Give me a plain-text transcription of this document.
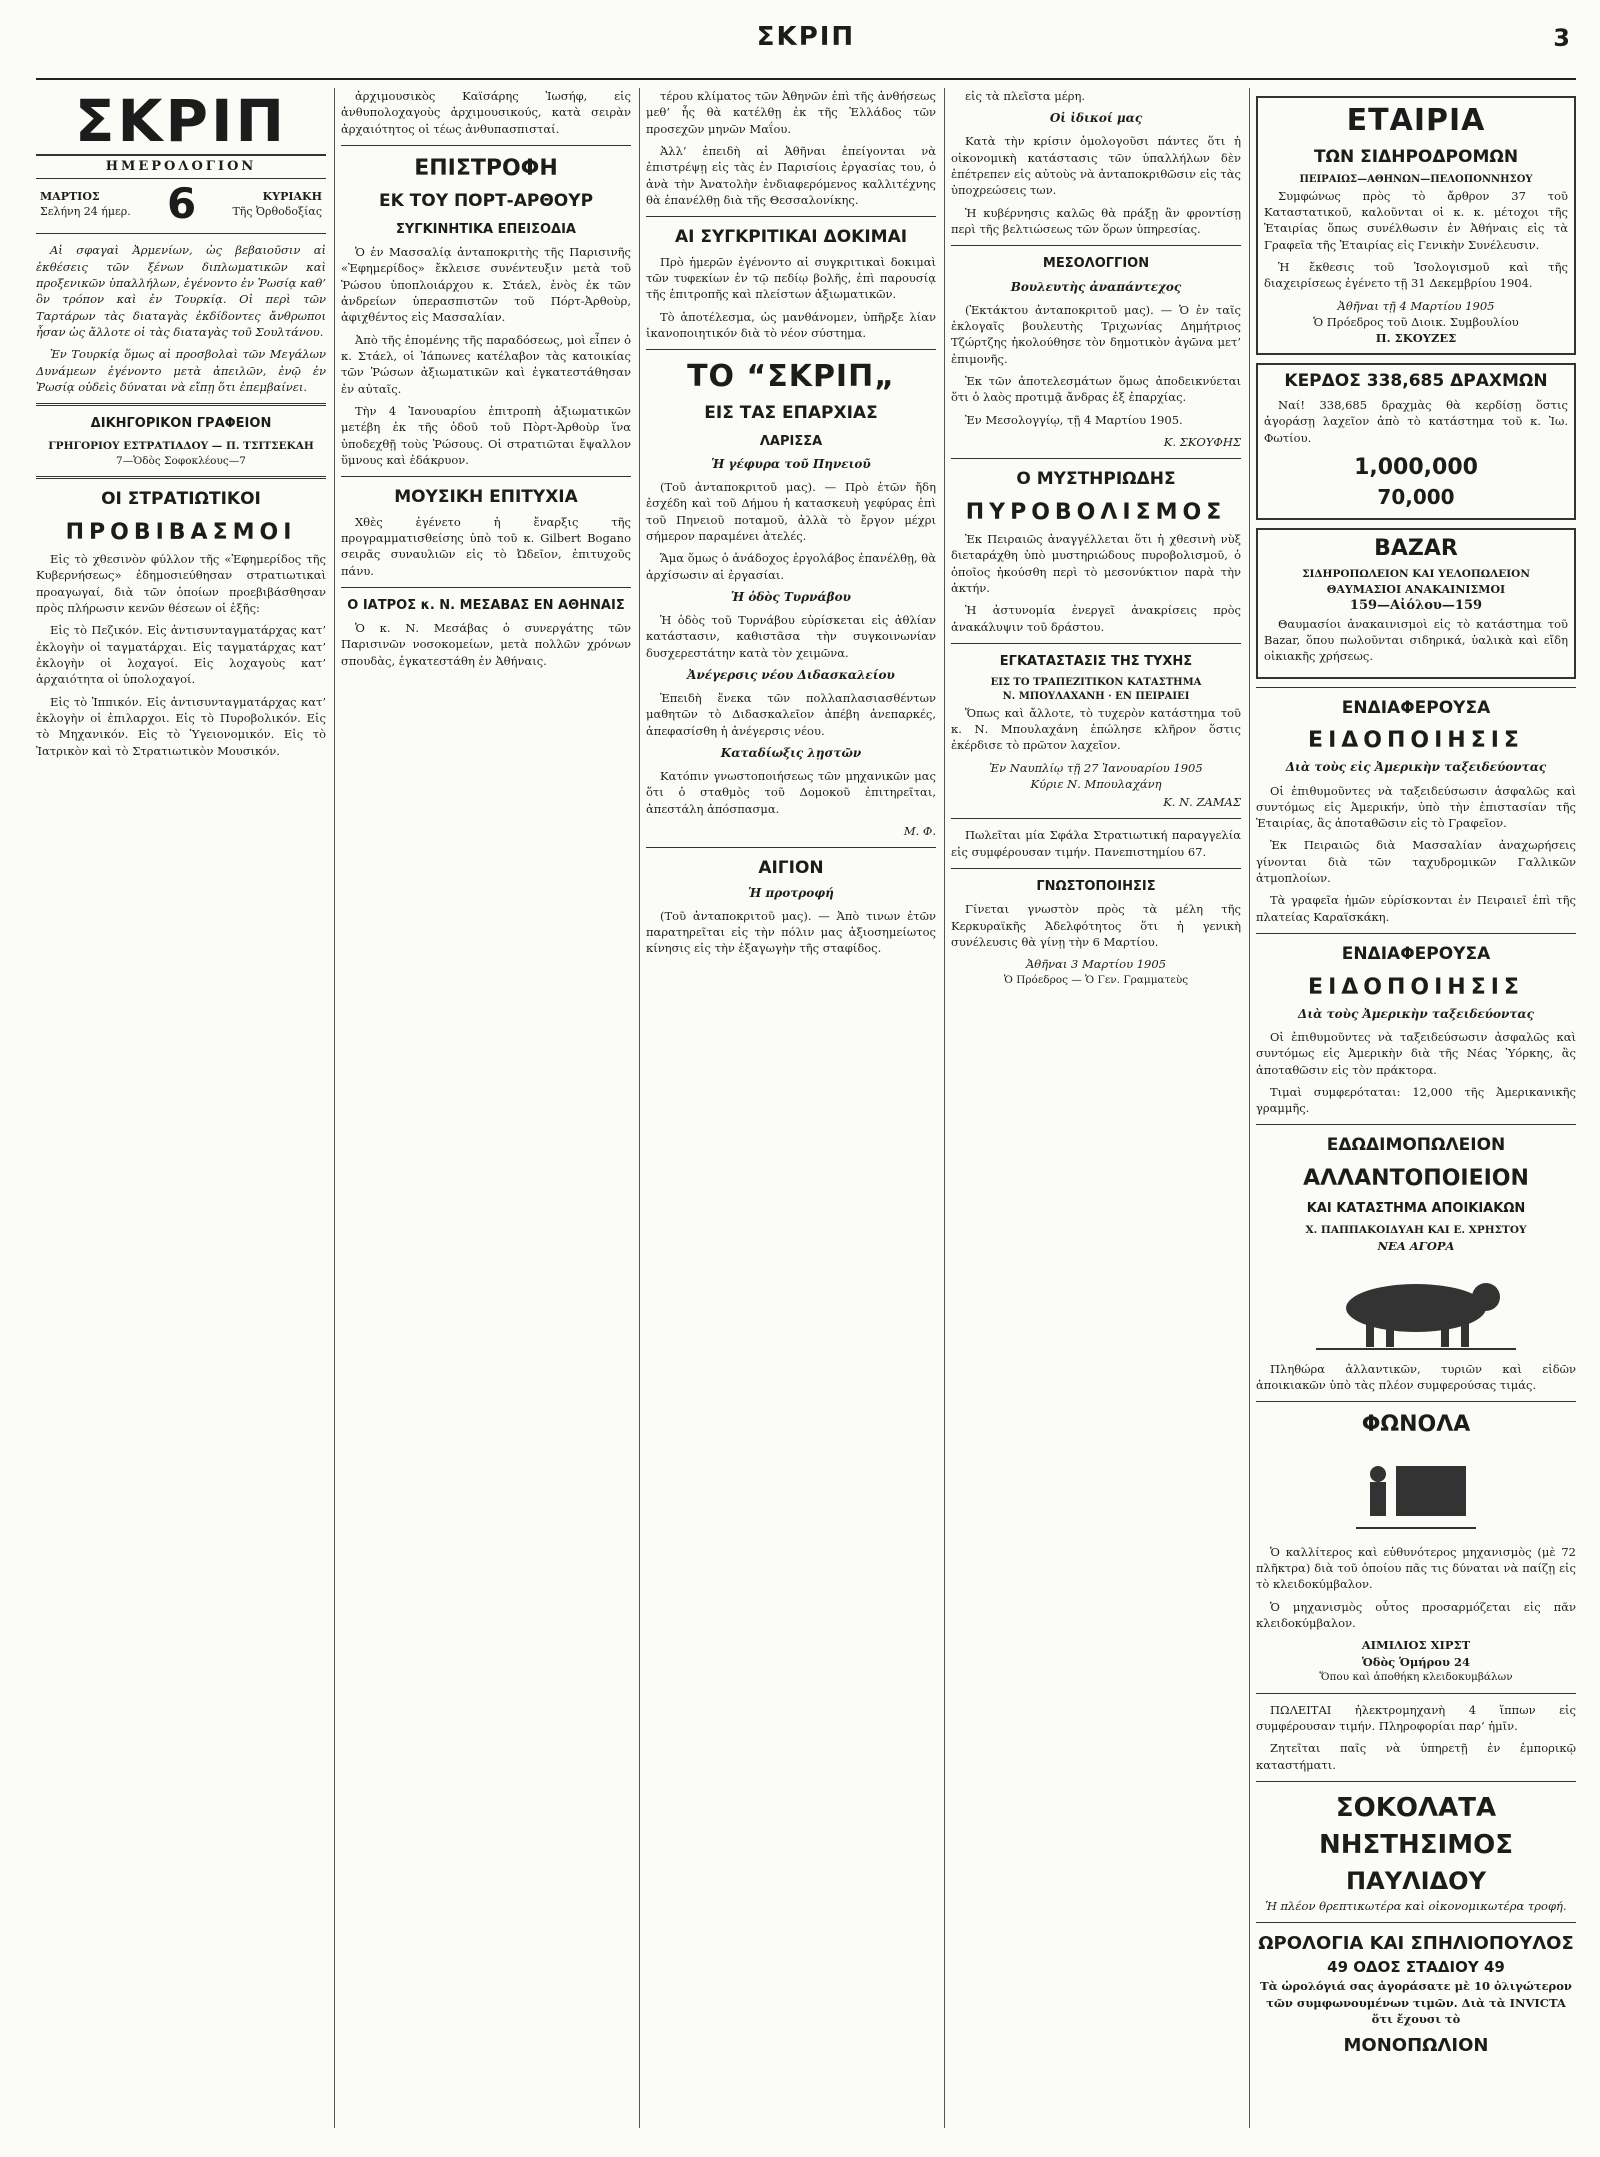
ΣΚΡΙΠ	3
ΣΚΡΙΠ
ΗΜΕΡΟΛΟΓΙΟΝ
ΜΑΡΤΙΟΣ
Σελήνη 24 ήμερ. 6	ΚΥΡΙΑΚΗ
Τῆς Ὀρθοδοξίας

Αἱ σφαγαὶ Ἀρμενίων, ὡς βεβαιοῦσιν αἱ ἐκθέσεις τῶν ξένων διπλωματικῶν καὶ προξενικῶν ὑπαλλήλων, ἐγένοντο ἐν Ῥωσίᾳ καθ’ ὃν τρόπον καὶ ἐν Τουρκίᾳ. Οἱ περὶ τῶν Ταρτάρων τὰς διαταγὰς ἐκδίδοντες ἄνθρωποι ἦσαν ὡς ἄλλοτε οἱ τὰς διαταγὰς τοῦ Σουλτάνου.

Ἐν Τουρκίᾳ ὅμως αἱ προσβολαὶ τῶν Μεγάλων Δυνάμεων ἐγένοντο μετὰ ἀπειλῶν, ἐνῷ ἐν Ῥωσίᾳ οὐδεὶς δύναται νὰ εἴπῃ ὅτι ἐπεμβαίνει.

ΔΙΚΗΓΟΡΙΚΟΝ ΓΡΑΦΕΙΟΝ
ΓΡΗΓΟΡΙΟΥ ΕΣΤΡΑΤΙΑΔΟΥ — Π. ΤΣΙΤΣΕΚΑΗ
7—Ὁδὸς Σοφοκλέους—7
ΟΙ ΣΤΡΑΤΙΩΤΙΚΟΙ
ΠΡΟΒΙΒΑΣΜΟΙ

Εἰς τὸ χθεσινὸν φύλλον τῆς «Ἐφημερίδος τῆς Κυβερνήσεως» ἐδημοσιεύθησαν στρατιωτικαὶ προαγωγαί, διὰ τῶν ὁποίων προεβιβάσθησαν πρὸς πλήρωσιν κενῶν θέσεων οἱ ἑξῆς:

Εἰς τὸ Πεζικόν. Εἰς ἀντισυνταγματάρχας κατ’ ἐκλογὴν οἱ ταγματάρχαι. Εἰς ταγματάρχας κατ’ ἐκλογὴν οἱ λοχαγοί. Εἰς λοχαγοὺς κατ’ ἀρχαιότητα οἱ ὑπολοχαγοί.

Εἰς τὸ Ἱππικόν. Εἰς ἀντισυνταγματάρχας κατ’ ἐκλογὴν οἱ ἐπιλαρχοι. Εἰς τὸ Πυροβολικόν. Εἰς τὸ Μηχανικόν. Εἰς τὸ Ὑγειονομικόν. Εἰς τὸ Ἰατρικὸν καὶ τὸ Στρατιωτικὸν Μουσικόν.

ἀρχιμουσικὸς Καϊσάρης Ἰωσήφ, εἰς ἀνθυπολοχαγοὺς ἀρχιμουσικούς, κατὰ σειρὰν ἀρχαιότητος οἱ τέως ἀνθυπασπισταί.

ΕΠΙΣΤΡΟΦΗ
ΕΚ ΤΟΥ ΠΟΡΤ-ΑΡΘΟΥΡ
ΣΥΓΚΙΝΗΤΙΚΑ ΕΠΕΙΣΟΔΙΑ

Ὁ ἐν Μασσαλίᾳ ἀνταποκριτὴς τῆς Παρισινῆς «Ἐφημερίδος» ἔκλεισε συνέντευξιν μετὰ τοῦ Ῥώσου ὑποπλοιάρχου κ. Στάελ, ἑνὸς ἐκ τῶν ἀνδρείων ὑπερασπιστῶν τοῦ Πόρτ-Ἀρθοὺρ, ἀφιχθέντος εἰς Μασσαλίαν.

Ἀπὸ τῆς ἐπομένης τῆς παραδόσεως, μοὶ εἶπεν ὁ κ. Στάελ, οἱ Ἰάπωνες κατέλαβον τὰς κατοικίας τῶν Ῥώσων ἀξιωματικῶν καὶ ἐγκατεστάθησαν ἐν αὐταῖς.

Τὴν 4 Ἰανουαρίου ἐπιτροπὴ ἀξιωματικῶν μετέβη ἐκ τῆς ὁδοῦ τοῦ Πὸρτ-Ἀρθοὺρ ἵνα ὑποδεχθῇ τοὺς Ῥώσους. Οἱ στρατιῶται ἔψαλλον ὕμνους καὶ ἐδάκρυον.

ΜΟΥΣΙΚΗ ΕΠΙΤΥΧΙΑ

Χθὲς ἐγένετο ἡ ἔναρξις τῆς προγραμματισθείσης ὑπὸ τοῦ κ. Gilbert Bogano σειρᾶς συναυλιῶν εἰς τὸ Ὠδεῖον, ἐπιτυχοῦς πάνυ.

Ο ΙΑΤΡΟΣ κ. Ν. ΜΕΣΑΒΑΣ ΕΝ ΑΘΗΝΑΙΣ

Ὁ κ. Ν. Μεσάβας ὁ συνεργάτης τῶν Παρισινῶν νοσοκομείων, μετὰ πολλῶν χρόνων σπουδὰς, ἐγκατεστάθη ἐν Ἀθήναις.

τέρου κλίματος τῶν Ἀθηνῶν ἐπὶ τῆς ἀνθήσεως μεθ’ ἧς θὰ κατέλθῃ ἐκ τῆς Ἑλλάδος τῶν προσεχῶν μηνῶν Μαΐου.

Ἀλλ’ ἐπειδὴ αἱ Ἀθῆναι ἐπείγονται νὰ ἐπιστρέψῃ εἰς τὰς ἐν Παρισίοις ἐργασίας του, ὁ ἀνὰ τὴν Ἀνατολὴν ἐνδιαφερόμενος καλλιτέχνης θὰ ἐπανέλθῃ διὰ τῆς Θεσσαλονίκης.

ΑΙ ΣΥΓΚΡΙΤΙΚΑΙ ΔΟΚΙΜΑΙ

Πρὸ ἡμερῶν ἐγένοντο αἱ συγκριτικαὶ δοκιμαὶ τῶν τυφεκίων ἐν τῷ πεδίῳ βολῆς, ἐπὶ παρουσίᾳ τῆς ἐπιτροπῆς καὶ πλείστων ἀξιωματικῶν.

Τὸ ἀποτέλεσμα, ὡς μανθάνομεν, ὑπῆρξε λίαν ἱκανοποιητικόν διὰ τὸ νέον σύστημα.

ΤΟ “ΣΚΡΙΠ„
ΕΙΣ ΤΑΣ ΕΠΑΡΧΙΑΣ
ΛΑΡΙΣΣΑ
Ἡ γέφυρα τοῦ Πηνειοῦ

(Τοῦ ἀνταποκριτοῦ μας). — Πρὸ ἑτῶν ἤδη ἐσχέδη καὶ τοῦ Δήμου ἡ κατασκευὴ γεφύρας ἐπὶ τοῦ Πηνειοῦ ποταμοῦ, ἀλλὰ τὸ ἔργον μέχρι σήμερον παραμένει ἀτελές.

Ἅμα ὅμως ὁ ἀνάδοχος ἐργολάβος ἐπανέλθῃ, θὰ ἀρχίσωσιν αἱ ἐργασίαι.

Ἡ ὁδὸς Τυρνάβου

Ἡ ὁδὸς τοῦ Τυρνάβου εὑρίσκεται εἰς ἀθλίαν κατάστασιν, καθιστᾶσα τὴν συγκοινωνίαν δυσχερεστάτην κατὰ τὸν χειμῶνα.

Ἀνέγερσις νέου Διδασκαλείου

Ἐπειδὴ ἕνεκα τῶν πολλαπλασιασθέντων μαθητῶν τὸ Διδασκαλεῖον ἀπέβη ἀνεπαρκές, ἀπεφασίσθη ἡ ἀνέγερσις νέου.

Καταδίωξις λῃστῶν

Κατόπιν γνωστοποιήσεως τῶν μηχανικῶν μας ὅτι ὁ σταθμὸς τοῦ Δομοκοῦ ἐπιτηρεῖται, ἀπεστάλη ἀπόσπασμα.

Μ. Φ.
ΑΙΓΙΟΝ
Ἡ προτροφή

(Τοῦ ἀνταποκριτοῦ μας). — Ἀπὸ τινων ἐτῶν παρατηρεῖται εἰς τὴν πόλιν μας ἀξιοσημείωτος κίνησις εἰς τὴν ἐξαγωγὴν τῆς σταφίδος.

εἰς τὰ πλεῖστα μέρη.

Οἱ ἰδικοί μας

Κατὰ τὴν κρίσιν ὁμολογοῦσι πάντες ὅτι ἡ οἰκονομικὴ κατάστασις τῶν ὑπαλλήλων δὲν ἐπέτρεπεν εἰς αὐτοὺς νὰ ἀνταποκριθῶσιν εἰς τὰς ὑποχρεώσεις των.

Ἡ κυβέρνησις καλῶς θὰ πράξῃ ἂν φροντίσῃ περὶ τῆς βελτιώσεως τῶν ὅρων ὑπηρεσίας.

ΜΕΣΟΛΟΓΓΙΟΝ
Βουλευτὴς ἀναπάντεχος

(Ἐκτάκτου ἀνταποκριτοῦ μας). — Ὁ ἐν ταῖς ἐκλογαῖς βουλευτὴς Τριχωνίας Δημήτριος Τζώρτζης ἠκολούθησε τὸν δημοτικὸν ἀγῶνα μετ’ ἐπιμονῆς.

Ἐκ τῶν ἀποτελεσμάτων ὅμως ἀποδεικνύεται ὅτι ὁ λαὸς προτιμᾷ ἄνδρας ἐξ ἐπαρχίας.

Ἐν Μεσολογγίῳ, τῇ 4 Μαρτίου 1905.

Κ. ΣΚΟΥΦΗΣ
Ο ΜΥΣΤΗΡΙΩΔΗΣ
ΠΥΡΟΒΟΛΙΣΜΟΣ

Ἐκ Πειραιῶς ἀναγγέλλεται ὅτι ἡ χθεσινὴ νὺξ διεταράχθη ὑπὸ μυστηριώδους πυροβολισμοῦ, ὁ ὁποῖος ἠκούσθη περὶ τὸ μεσονύκτιον παρὰ τὴν ἀκτήν.

Ἡ ἀστυνομία ἐνεργεῖ ἀνακρίσεις πρὸς ἀνακάλυψιν τοῦ δράστου.

ΕΓΚΑΤΑΣΤΑΣΙΣ ΤΗΣ ΤΥΧΗΣ
ΕΙΣ ΤΟ ΤΡΑΠΕΖΙΤΙΚΟΝ ΚΑΤΑΣΤΗΜΑ
Ν. ΜΠΟΥΛΑΧΑΝΗ · ΕΝ ΠΕΙΡΑΙΕΙ

Ὅπως καὶ ἄλλοτε, τὸ τυχερὸν κατάστημα τοῦ κ. Ν. Μπουλαχάνη ἐπώλησε κλῆρον ὅστις ἐκέρδισε τὸ πρῶτον λαχεῖον.

Ἐν Ναυπλίῳ τῇ 27 Ἰανουαρίου 1905
Κύριε Ν. Μπουλαχάνη
Κ. Ν. ΖΑΜΑΣ

Πωλεῖται μία Σφάλα Στρατιωτική παραγγελία εἰς συμφέρουσαν τιμήν. Πανεπιστημίου 67.

ΓΝΩΣΤΟΠΟΙΗΣΙΣ

Γίνεται γνωστὸν πρὸς τὰ μέλη τῆς Κερκυραϊκῆς Ἀδελφότητος ὅτι ἡ γενικὴ συνέλευσις θὰ γίνῃ τὴν 6 Μαρτίου.

Ἀθῆναι 3 Μαρτίου 1905
Ὁ Πρόεδρος — Ὁ Γεν. Γραμματεὺς
ΕΤΑΙΡΙΑ
ΤΩΝ ΣΙΔΗΡΟΔΡΟΜΩΝ
ΠΕΙΡΑΙΩΣ—ΑΘΗΝΩΝ—ΠΕΛΟΠΟΝΝΗΣΟΥ

Συμφώνως πρὸς τὸ ἄρθρον 37 τοῦ Καταστατικοῦ, καλοῦνται οἱ κ. κ. μέτοχοι τῆς Ἑταιρίας ὅπως συνέλθωσιν ἐν Ἀθήναις εἰς τὰ Γραφεῖα τῆς Ἑταιρίας εἰς Γενικὴν Συνέλευσιν.

Ἡ ἔκθεσις τοῦ Ἰσολογισμοῦ καὶ τῆς διαχειρίσεως ἐγένετο τῇ 31 Δεκεμβρίου 1904.

Ἀθῆναι τῇ 4 Μαρτίου 1905
Ὁ Πρόεδρος τοῦ Διοικ. Συμβουλίου
Π. ΣΚΟΥΖΕΣ
ΚΕΡΔΟΣ 338,685 ΔΡΑΧΜΩΝ

Ναί! 338,685 δραχμὰς θὰ κερδίσῃ ὅστις ἀγοράσῃ λαχεῖον ἀπὸ τὸ κατάστημα τοῦ κ. Ἰω. Φωτίου.

1,000,000
70,000
BAZAR
ΣΙΔΗΡΟΠΩΛΕΙΟΝ ΚΑΙ ΥΕΛΟΠΩΛΕΙΟΝ
ΘΑΥΜΑΣΙΟΙ ΑΝΑΚΑΙΝΙΣΜΟΙ
159—Αἰόλου—159

Θαυμασίοι ἀνακαινισμοὶ εἰς τὸ κατάστημα τοῦ Bazar, ὅπου πωλοῦνται σιδηρικά, ὑαλικὰ καὶ εἴδη οἰκιακῆς χρήσεως.

ΕΝΔΙΑΦΕΡΟΥΣΑ
ΕΙΔΟΠΟΙΗΣΙΣ
Διὰ τοὺς εἰς Ἀμερικὴν ταξειδεύοντας

Οἱ ἐπιθυμοῦντες νὰ ταξειδεύσωσιν ἀσφαλῶς καὶ συντόμως εἰς Ἀμερικήν, ὑπὸ τὴν ἐπιστασίαν τῆς Ἑταιρίας, ἂς ἀποταθῶσιν εἰς τὸ Γραφεῖον.

Ἐκ Πειραιῶς διὰ Μασσαλίαν ἀναχωρήσεις γίνονται διὰ τῶν ταχυδρομικῶν Γαλλικῶν ἀτμοπλοίων.

Τὰ γραφεῖα ἡμῶν εὑρίσκονται ἐν Πειραιεῖ ἐπὶ τῆς πλατείας Καραϊσκάκη.

ΕΝΔΙΑΦΕΡΟΥΣΑ
ΕΙΔΟΠΟΙΗΣΙΣ
Διὰ τοὺς Ἀμερικὴν ταξειδεύοντας

Οἱ ἐπιθυμοῦντες νὰ ταξειδεύσωσιν ἀσφαλῶς καὶ συντόμως εἰς Ἀμερικὴν διὰ τῆς Νέας Ὑόρκης, ἂς ἀποταθῶσιν εἰς τὸν πράκτορα.

Τιμαὶ συμφερόταται: 12,000 τῆς Ἀμερικανικῆς γραμμῆς.

ΕΔΩΔΙΜΟΠΩΛΕΙΟΝ
ΑΛΛΑΝΤΟΠΟΙΕΙΟΝ
ΚΑΙ ΚΑΤΑΣΤΗΜΑ ΑΠΟΙΚΙΑΚΩΝ
Χ. ΠΑΠΠΑΚΟΙΔΥΑΗ ΚΑΙ Ε. ΧΡΗΣΤΟΥ
ΝΕΑ ΑΓΟΡΑ

Πληθώρα ἀλλαντικῶν, τυριῶν καὶ εἰδῶν ἀποικιακῶν ὑπὸ τὰς πλέον συμφερούσας τιμάς.

ΦΩΝΟΛΑ

Ὁ καλλίτερος καὶ εὐθυνότερος μηχανισμὸς (μὲ 72 πλῆκτρα) διὰ τοῦ ὁποίου πᾶς τις δύναται νὰ παίζῃ εἰς τὸ κλειδοκύμβαλον.

Ὁ μηχανισμὸς οὗτος προσαρμόζεται εἰς πᾶν κλειδοκύμβαλον.

ΑΙΜΙΛΙΟΣ ΧΙΡΣΤ
Ὁδὸς Ὁμήρου 24
Ὅπου καὶ ἀποθήκη κλειδοκυμβάλων

ΠΩΛΕΙΤΑΙ ἠλεκτρομηχανὴ 4 ἵππων εἰς συμφέρουσαν τιμήν. Πληροφορίαι παρ’ ἡμῖν.

Ζητεῖται παῖς νὰ ὑπηρετῇ ἐν ἐμπορικῷ καταστήματι.

ΣΟΚΟΛΑΤΑ ΝΗΣΤΗΣΙΜΟΣ
ΠΑΥΛΙΔΟΥ
Ἡ πλέον θρεπτικωτέρα καὶ οἰκονομικωτέρα τροφή.
ΩΡΟΛΟΓΙΑ ΚΑΙ ΣΠΗΛΙΟΠΟΥΛΟΣ
49 ΟΔΟΣ ΣΤΑΔΙΟΥ 49

Τὰ ὡρολόγιά σας ἀγοράσατε μὲ 10 ὀλιγώτερον τῶν συμφωνουμένων τιμῶν. Διὰ τὰ INVICTA ὅτι ἔχουσι τὸ

ΜΟΝΟΠΩΛΙΟΝ
